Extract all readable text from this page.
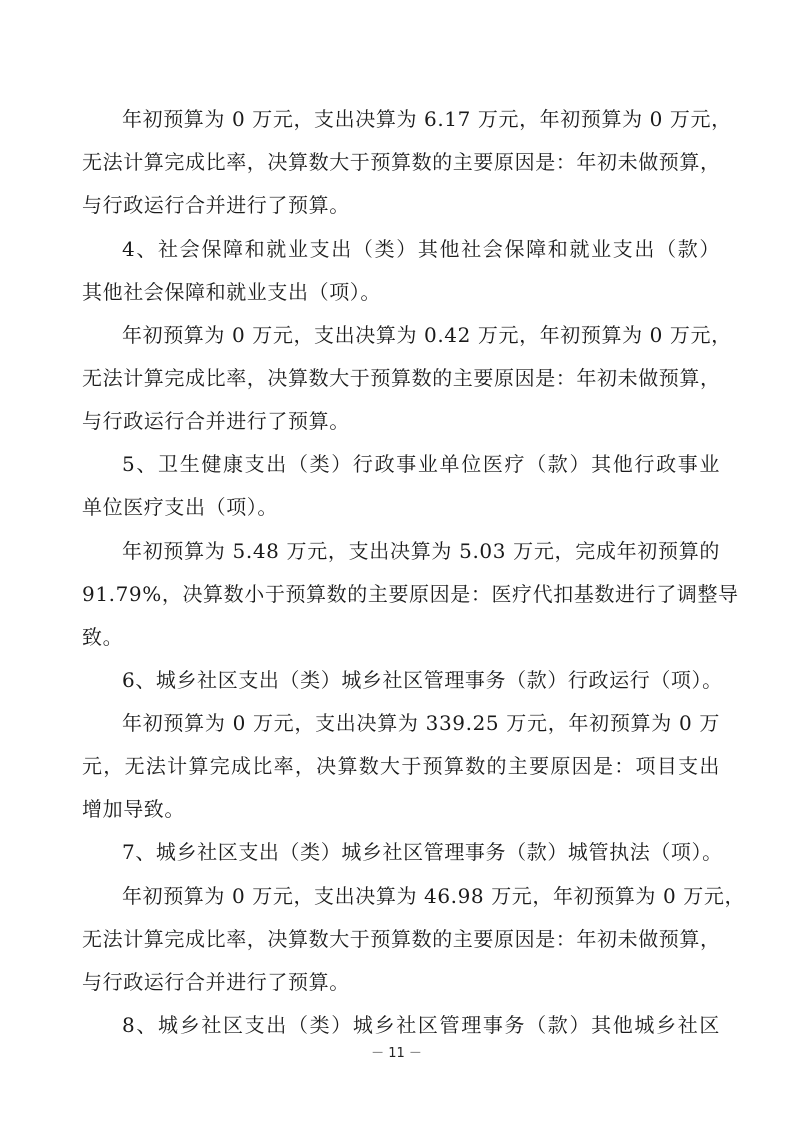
年初预算为 0 万元，支出决算为 6.17 万元，年初预算为 0 万元，
无法计算完成比率，决算数大于预算数的主要原因是：年初未做预算，
与行政运行合并进行了预算。
4、社会保障和就业支出（类）其他社会保障和就业支出（款）
其他社会保障和就业支出（项）。
年初预算为 0 万元，支出决算为 0.42 万元，年初预算为 0 万元，
无法计算完成比率，决算数大于预算数的主要原因是：年初未做预算，
与行政运行合并进行了预算。
5、卫生健康支出（类）行政事业单位医疗（款）其他行政事业
单位医疗支出（项）。
年初预算为 5.48 万元，支出决算为 5.03 万元，完成年初预算的
91.79%，决算数小于预算数的主要原因是：医疗代扣基数进行了调整导
致。
6、城乡社区支出（类）城乡社区管理事务（款）行政运行（项）。
年初预算为 0 万元，支出决算为 339.25 万元，年初预算为 0 万
元，无法计算完成比率，决算数大于预算数的主要原因是：项目支出
增加导致。
7、城乡社区支出（类）城乡社区管理事务（款）城管执法（项）。
年初预算为 0 万元，支出决算为 46.98 万元，年初预算为 0 万元，
无法计算完成比率，决算数大于预算数的主要原因是：年初未做预算，
与行政运行合并进行了预算。
8、城乡社区支出（类）城乡社区管理事务（款）其他城乡社区
－ 11 －
